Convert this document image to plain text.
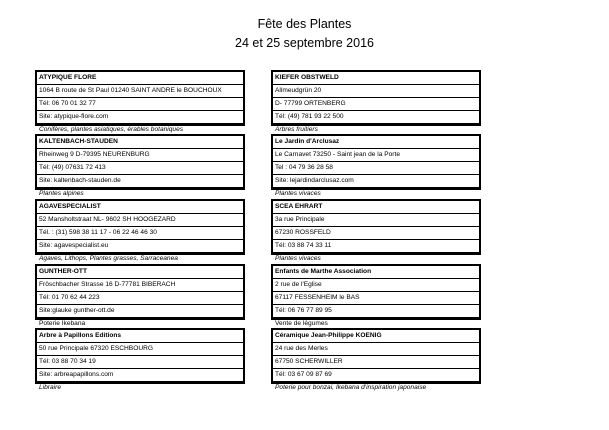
Fête des Plantes
24 et 25 septembre 2016
ATYPIQUE FLORE
1064 B route de St Paul 01240 SAINT ANDRE le BOUCHOUX
Tél: 06 70 01 32 77
Site: atypique-flore.com
Conifères, plantes asiatiques, érables botaniques
KIEFER OBSTWELD
Allmeudgrün 20
D- 77799 ORTENBERG
Tél: (49) 781 93 22 500
Arbres fruitiers
KALTENBACH-STAUDEN
Rheinweg 9 D-79395 NEURENBURG
Tél: (49) 07631 72 413
Site: kaltenbach-stauden.de
Plantes alpines
Le Jardin d'Arclusaz
Le Carnavet 73250 - Saint jean de la Porte
Tel : 04 79 36 28 58
Site: lejardindarclusaz.com
Plantes vivaces
AGAVESPECIALIST
52 Mansholtstraat NL- 9602 SH HOOGEZARD
Tél. : (31) 598 38 11 17 - 06 22 46 46 30
Site: agavespecialist.eu
Agaves, Lithops, Plantes grasses, Sarraceanea
SCEA EHRART
3a rue Principale
67230 ROSSFELD
Tél: 03 88 74 33 11
Plantes vivaces
GUNTHER-OTT
Fröschbacher Strasse 16 D-77781 BIBERACH
Tél: 01 70 62 44 223
Site:glauke gunther-ott.de
Poterie Ikebana
Enfants de Marthe Association
2 rue de l'Eglise
67117 FESSENHEIM le BAS
Tél: 06 76 77 89 95
Vente de légumes
Arbre à Papillons Editions
50 rue Principale 67320 ESCHBOURG
Tél: 03 88 70 34 19
Site: arbreapapillons.com
Libraire
Céramique Jean-Philippe KOENIG
24 rue des Merles
67750 SCHERWILLER
Tél: 03 67 09 87 69
Poterie pour bonzai, Ikebana d'inspiration japonaise
